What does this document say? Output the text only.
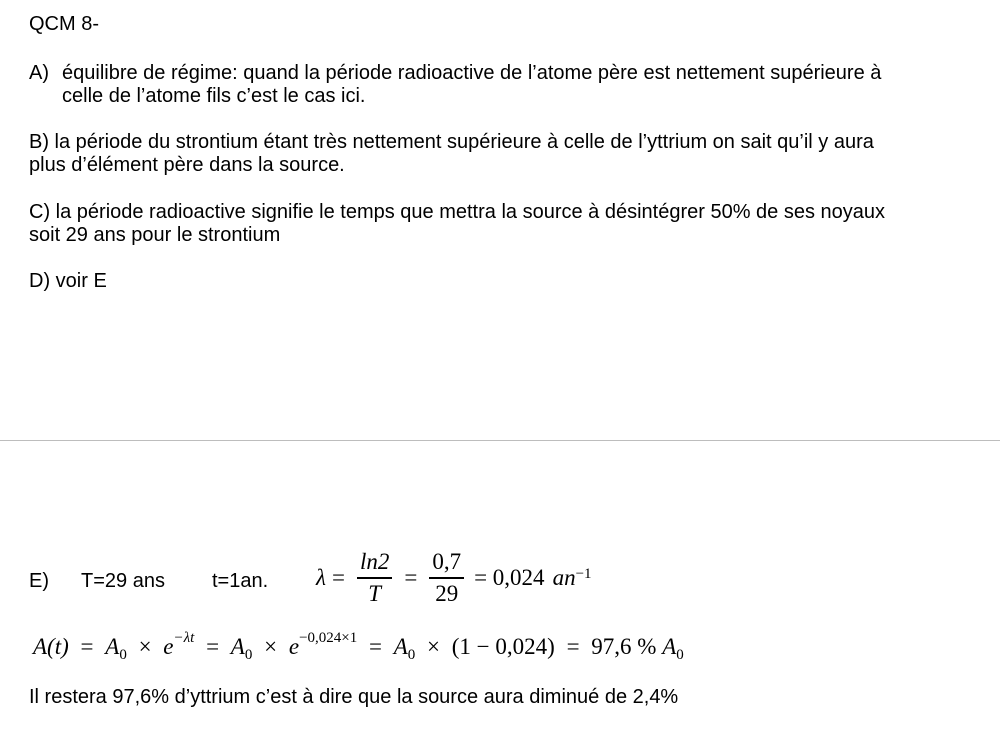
QCM 8-
A) équilibre de régime: quand la période radioactive de l’atome père est nettement supérieure à
celle de l’atome fils c’est le cas ici.
B) la période du strontium étant très nettement supérieure à celle de l’yttrium on sait qu’il y aura
plus d’élément père dans la source.
C) la période radioactive signifie le temps que mettra la source à désintégrer 50% de ses noyaux
soit 29 ans pour le strontium
D) voir E
E) T=29 ans t=1an. $\lambda = \frac{\ln 2}{T} = \frac{0,7}{29} = 0,024$ $an^{-1}$
$A(t) = A_0 \times e^{-\lambda t} = A_0 \times e^{-0,024\times 1} = A_0 \times (1 - 0,024) = 97,6$ % $A_0$
Il restera 97,6% d’yttrium c’est à dire que la source aura diminué de 2,4%
